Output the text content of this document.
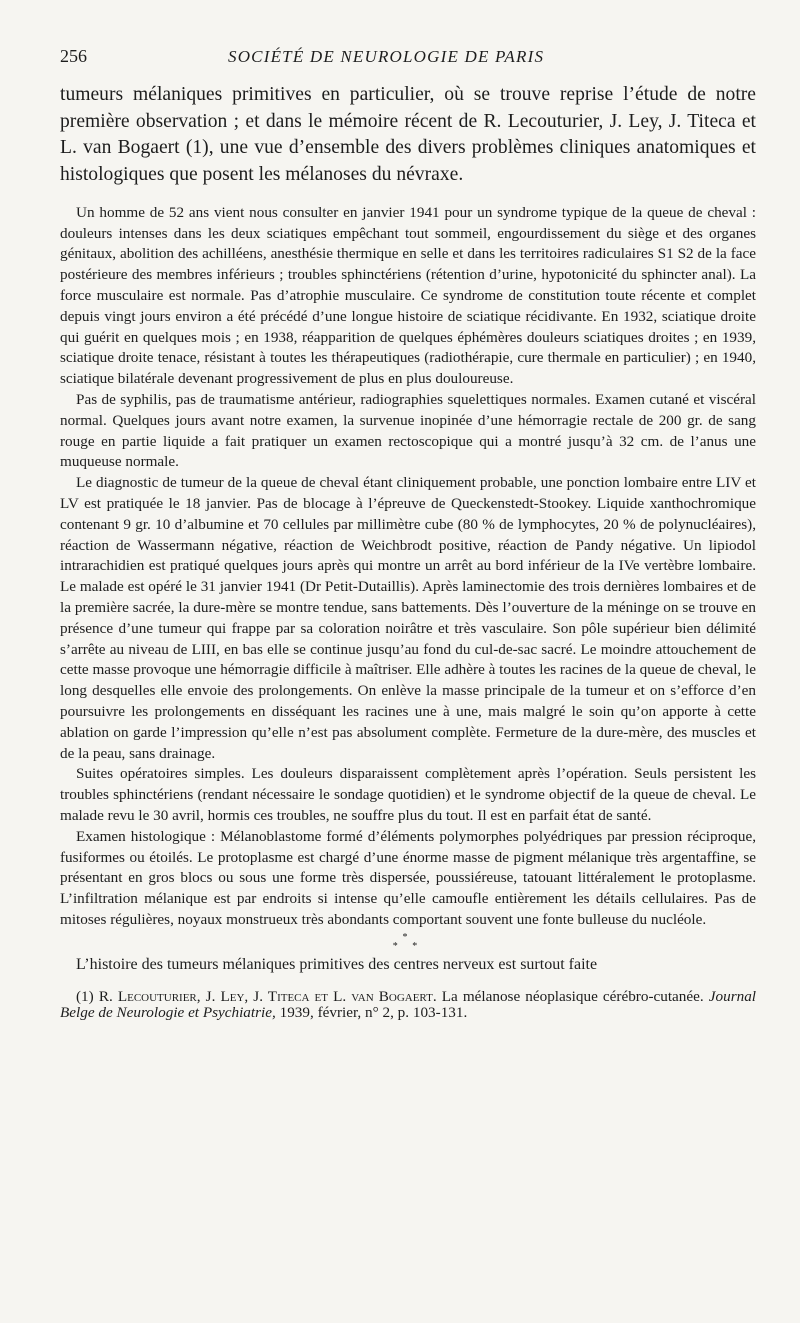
256	SOCIÉTÉ DE NEUROLOGIE DE PARIS

tumeurs mélaniques primitives en particulier, où se trouve reprise l’étude de notre première observation ; et dans le mémoire récent de R. Lecouturier, J. Ley, J. Titeca et L. van Bogaert (1), une vue d’ensemble des divers problèmes cliniques anatomiques et histologiques que posent les mélanoses du névraxe.

Un homme de 52 ans vient nous consulter en janvier 1941 pour un syndrome typique de la queue de cheval : douleurs intenses dans les deux sciatiques empêchant tout sommeil, engourdissement du siège et des organes génitaux, abolition des achilléens, anesthésie thermique en selle et dans les territoires radiculaires S1 S2 de la face postérieure des membres inférieurs ; troubles sphinctériens (rétention d’urine, hypotonicité du sphincter anal). La force musculaire est normale. Pas d’atrophie musculaire. Ce syndrome de constitution toute récente et complet depuis vingt jours environ a été précédé d’une longue histoire de sciatique récidivante. En 1932, sciatique droite qui guérit en quelques mois ; en 1938, réapparition de quelques éphémères douleurs sciatiques droites ; en 1939, sciatique droite tenace, résistant à toutes les thérapeutiques (radiothérapie, cure thermale en particulier) ; en 1940, sciatique bilatérale devenant progressivement de plus en plus douloureuse.

Pas de syphilis, pas de traumatisme antérieur, radiographies squelettiques normales. Examen cutané et viscéral normal. Quelques jours avant notre examen, la survenue inopinée d’une hémorragie rectale de 200 gr. de sang rouge en partie liquide a fait pratiquer un examen rectoscopique qui a montré jusqu’à 32 cm. de l’anus une muqueuse normale.

Le diagnostic de tumeur de la queue de cheval étant cliniquement probable, une ponction lombaire entre LIV et LV est pratiquée le 18 janvier. Pas de blocage à l’épreuve de Queckenstedt-Stookey. Liquide xanthochromique contenant 9 gr. 10 d’albumine et 70 cellules par millimètre cube (80 % de lymphocytes, 20 % de polynucléaires), réaction de Wassermann négative, réaction de Weichbrodt positive, réaction de Pandy négative. Un lipiodol intrarachidien est pratiqué quelques jours après qui montre un arrêt au bord inférieur de la IVe vertèbre lombaire. Le malade est opéré le 31 janvier 1941 (Dr Petit-Dutaillis). Après laminectomie des trois dernières lombaires et de la première sacrée, la dure-mère se montre tendue, sans battements. Dès l’ouverture de la méninge on se trouve en présence d’une tumeur qui frappe par sa coloration noirâtre et très vasculaire. Son pôle supérieur bien délimité s’arrête au niveau de LIII, en bas elle se continue jusqu’au fond du cul-de-sac sacré. Le moindre attouchement de cette masse provoque une hémorragie difficile à maîtriser. Elle adhère à toutes les racines de la queue de cheval, le long desquelles elle envoie des prolongements. On enlève la masse principale de la tumeur et on s’efforce d’en poursuivre les prolongements en disséquant les racines une à une, mais malgré le soin qu’on apporte à cette ablation on garde l’impression qu’elle n’est pas absolument complète. Fermeture de la dure-mère, des muscles et de la peau, sans drainage.

Suites opératoires simples. Les douleurs disparaissent complètement après l’opération. Seuls persistent les troubles sphinctériens (rendant nécessaire le sondage quotidien) et le syndrome objectif de la queue de cheval. Le malade revu le 30 avril, hormis ces troubles, ne souffre plus du tout. Il est en parfait état de santé.

Examen histologique : Mélanoblastome formé d’éléments polymorphes polyédriques par pression réciproque, fusiformes ou étoilés. Le protoplasme est chargé d’une énorme masse de pigment mélanique très argentaffine, se présentant en gros blocs ou sous une forme très dispersée, poussiéreuse, tatouant littéralement le protoplasme. L’infiltration mélanique est par endroits si intense qu’elle camoufle entièrement les détails cellulaires. Pas de mitoses régulières, noyaux monstrueux très abondants comportant souvent une fonte bulleuse du nucléole.

*
* *

L’histoire des tumeurs mélaniques primitives des centres nerveux est surtout faite

(1) R. Lecouturier, J. Ley, J. Titeca et L. van Bogaert. La mélanose néoplasique cérébro-cutanée. Journal Belge de Neurologie et Psychiatrie, 1939, février, n° 2, p. 103-131.
